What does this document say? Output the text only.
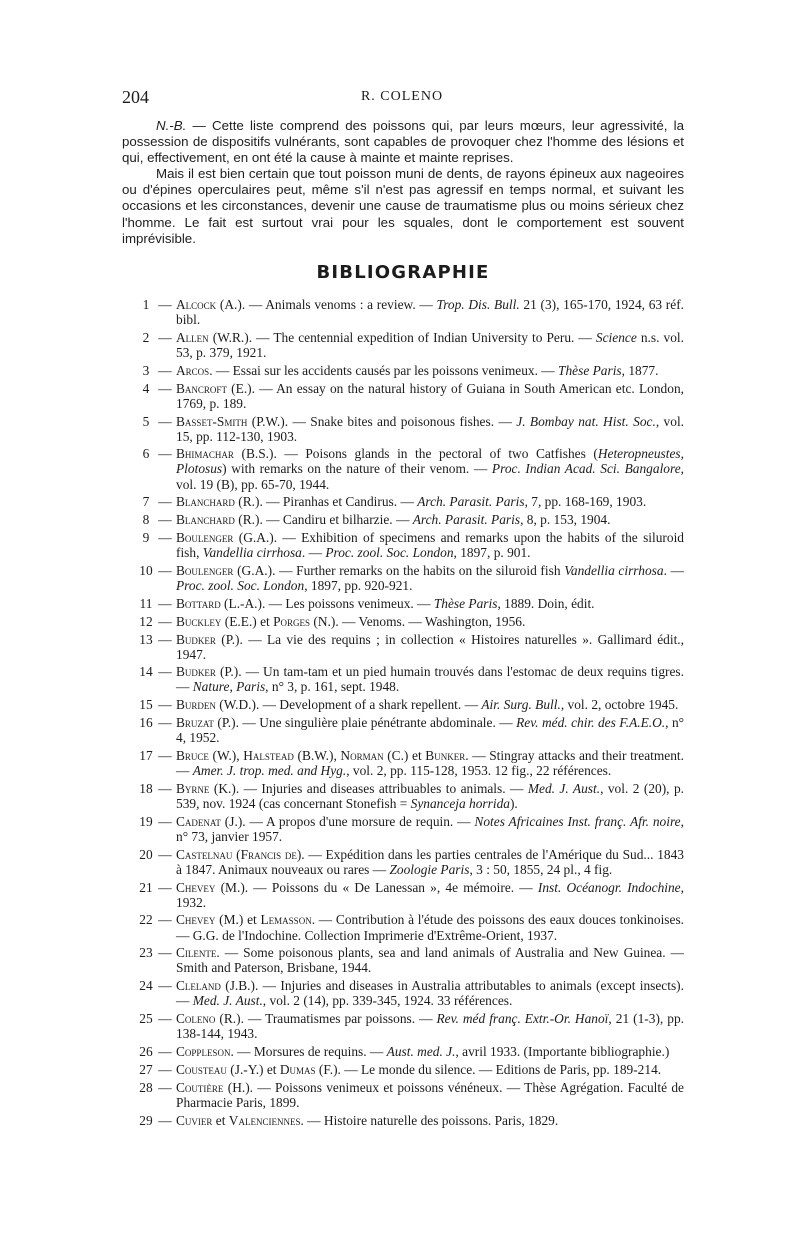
204	R. COLENO

N.-B. — Cette liste comprend des poissons qui, par leurs mœurs, leur agressivité, la possession de dispositifs vulnérants, sont capables de provoquer chez l'homme des lésions et qui, effectivement, en ont été la cause à mainte et mainte reprises.

Mais il est bien certain que tout poisson muni de dents, de rayons épineux aux nageoires ou d'épines operculaires peut, même s'il n'est pas agressif en temps normal, et suivant les occasions et les circonstances, devenir une cause de traumatisme plus ou moins sérieux chez l'homme. Le fait est surtout vrai pour les squales, dont le comportement est souvent imprévisible.

BIBLIOGRAPHIE
1 — Alcock (A.). — Animals venoms : a review. — Trop. Dis. Bull. 21 (3), 165-170, 1924, 63 réf. bibl.
2 — Allen (W.R.). — The centennial expedition of Indian University to Peru. — Science n.s. vol. 53, p. 379, 1921.
3 — Arcos. — Essai sur les accidents causés par les poissons venimeux. — Thèse Paris, 1877.
4 — Bancroft (E.). — An essay on the natural history of Guiana in South American etc. London, 1769, p. 189.
5 — Basset-Smith (P.W.). — Snake bites and poisonous fishes. — J. Bombay nat. Hist. Soc., vol. 15, pp. 112-130, 1903.
6 — Bhimachar (B.S.). — Poisons glands in the pectoral of two Catfishes (Heteropneustes, Plotosus) with remarks on the nature of their venom. — Proc. Indian Acad. Sci. Bangalore, vol. 19 (B), pp. 65-70, 1944.
7 — Blanchard (R.). — Piranhas et Candirus. — Arch. Parasit. Paris, 7, pp. 168-169, 1903.
8 — Blanchard (R.). — Candiru et bilharzie. — Arch. Parasit. Paris, 8, p. 153, 1904.
9 — Boulenger (G.A.). — Exhibition of specimens and remarks upon the habits of the siluroid fish, Vandellia cirrhosa. — Proc. zool. Soc. London, 1897, p. 901.
10 — Boulenger (G.A.). — Further remarks on the habits on the siluroid fish Vandellia cirrhosa. — Proc. zool. Soc. London, 1897, pp. 920-921.
11 — Bottard (L.-A.). — Les poissons venimeux. — Thèse Paris, 1889. Doin, édit.
12 — Buckley (E.E.) et Porges (N.). — Venoms. — Washington, 1956.
13 — Budker (P.). — La vie des requins ; in collection « Histoires naturelles ». Gallimard édit., 1947.
14 — Budker (P.). — Un tam-tam et un pied humain trouvés dans l'estomac de deux requins tigres. — Nature, Paris, n° 3, p. 161, sept. 1948.
15 — Burden (W.D.). — Development of a shark repellent. — Air. Surg. Bull., vol. 2, octobre 1945.
16 — Bruzat (P.). — Une singulière plaie pénétrante abdominale. — Rev. méd. chir. des F.A.E.O., n° 4, 1952.
17 — Bruce (W.), Halstead (B.W.), Norman (C.) et Bunker. — Stingray attacks and their treatment. — Amer. J. trop. med. and Hyg., vol. 2, pp. 115-128, 1953. 12 fig., 22 références.
18 — Byrne (K.). — Injuries and diseases attribuables to animals. — Med. J. Aust., vol. 2 (20), p. 539, nov. 1924 (cas concernant Stonefish = Synanceja horrida).
19 — Cadenat (J.). — A propos d'une morsure de requin. — Notes Africaines Inst. franç. Afr. noire, n° 73, janvier 1957.
20 — Castelnau (Francis de). — Expédition dans les parties centrales de l'Amérique du Sud... 1843 à 1847. Animaux nouveaux ou rares — Zoologie Paris, 3 : 50, 1855, 24 pl., 4 fig.
21 — Chevey (M.). — Poissons du « De Lanessan », 4e mémoire. — Inst. Océanogr. Indochine, 1932.
22 — Chevey (M.) et Lemasson. — Contribution à l'étude des poissons des eaux douces tonkinoises. — G.G. de l'Indochine. Collection Imprimerie d'Extrême-Orient, 1937.
23 — Cilente. — Some poisonous plants, sea and land animals of Australia and New Guinea. — Smith and Paterson, Brisbane, 1944.
24 — Cleland (J.B.). — Injuries and diseases in Australia attributables to animals (except insects). — Med. J. Aust., vol. 2 (14), pp. 339-345, 1924. 33 références.
25 — Coleno (R.). — Traumatismes par poissons. — Rev. méd franç. Extr.-Or. Hanoï, 21 (1-3), pp. 138-144, 1943.
26 — Coppleson. — Morsures de requins. — Aust. med. J., avril 1933. (Importante bibliographie.)
27 — Cousteau (J.-Y.) et Dumas (F.). — Le monde du silence. — Editions de Paris, pp. 189-214.
28 — Coutière (H.). — Poissons venimeux et poissons vénéneux. — Thèse Agrégation. Faculté de Pharmacie Paris, 1899.
29 — Cuvier et Valenciennes. — Histoire naturelle des poissons. Paris, 1829.
